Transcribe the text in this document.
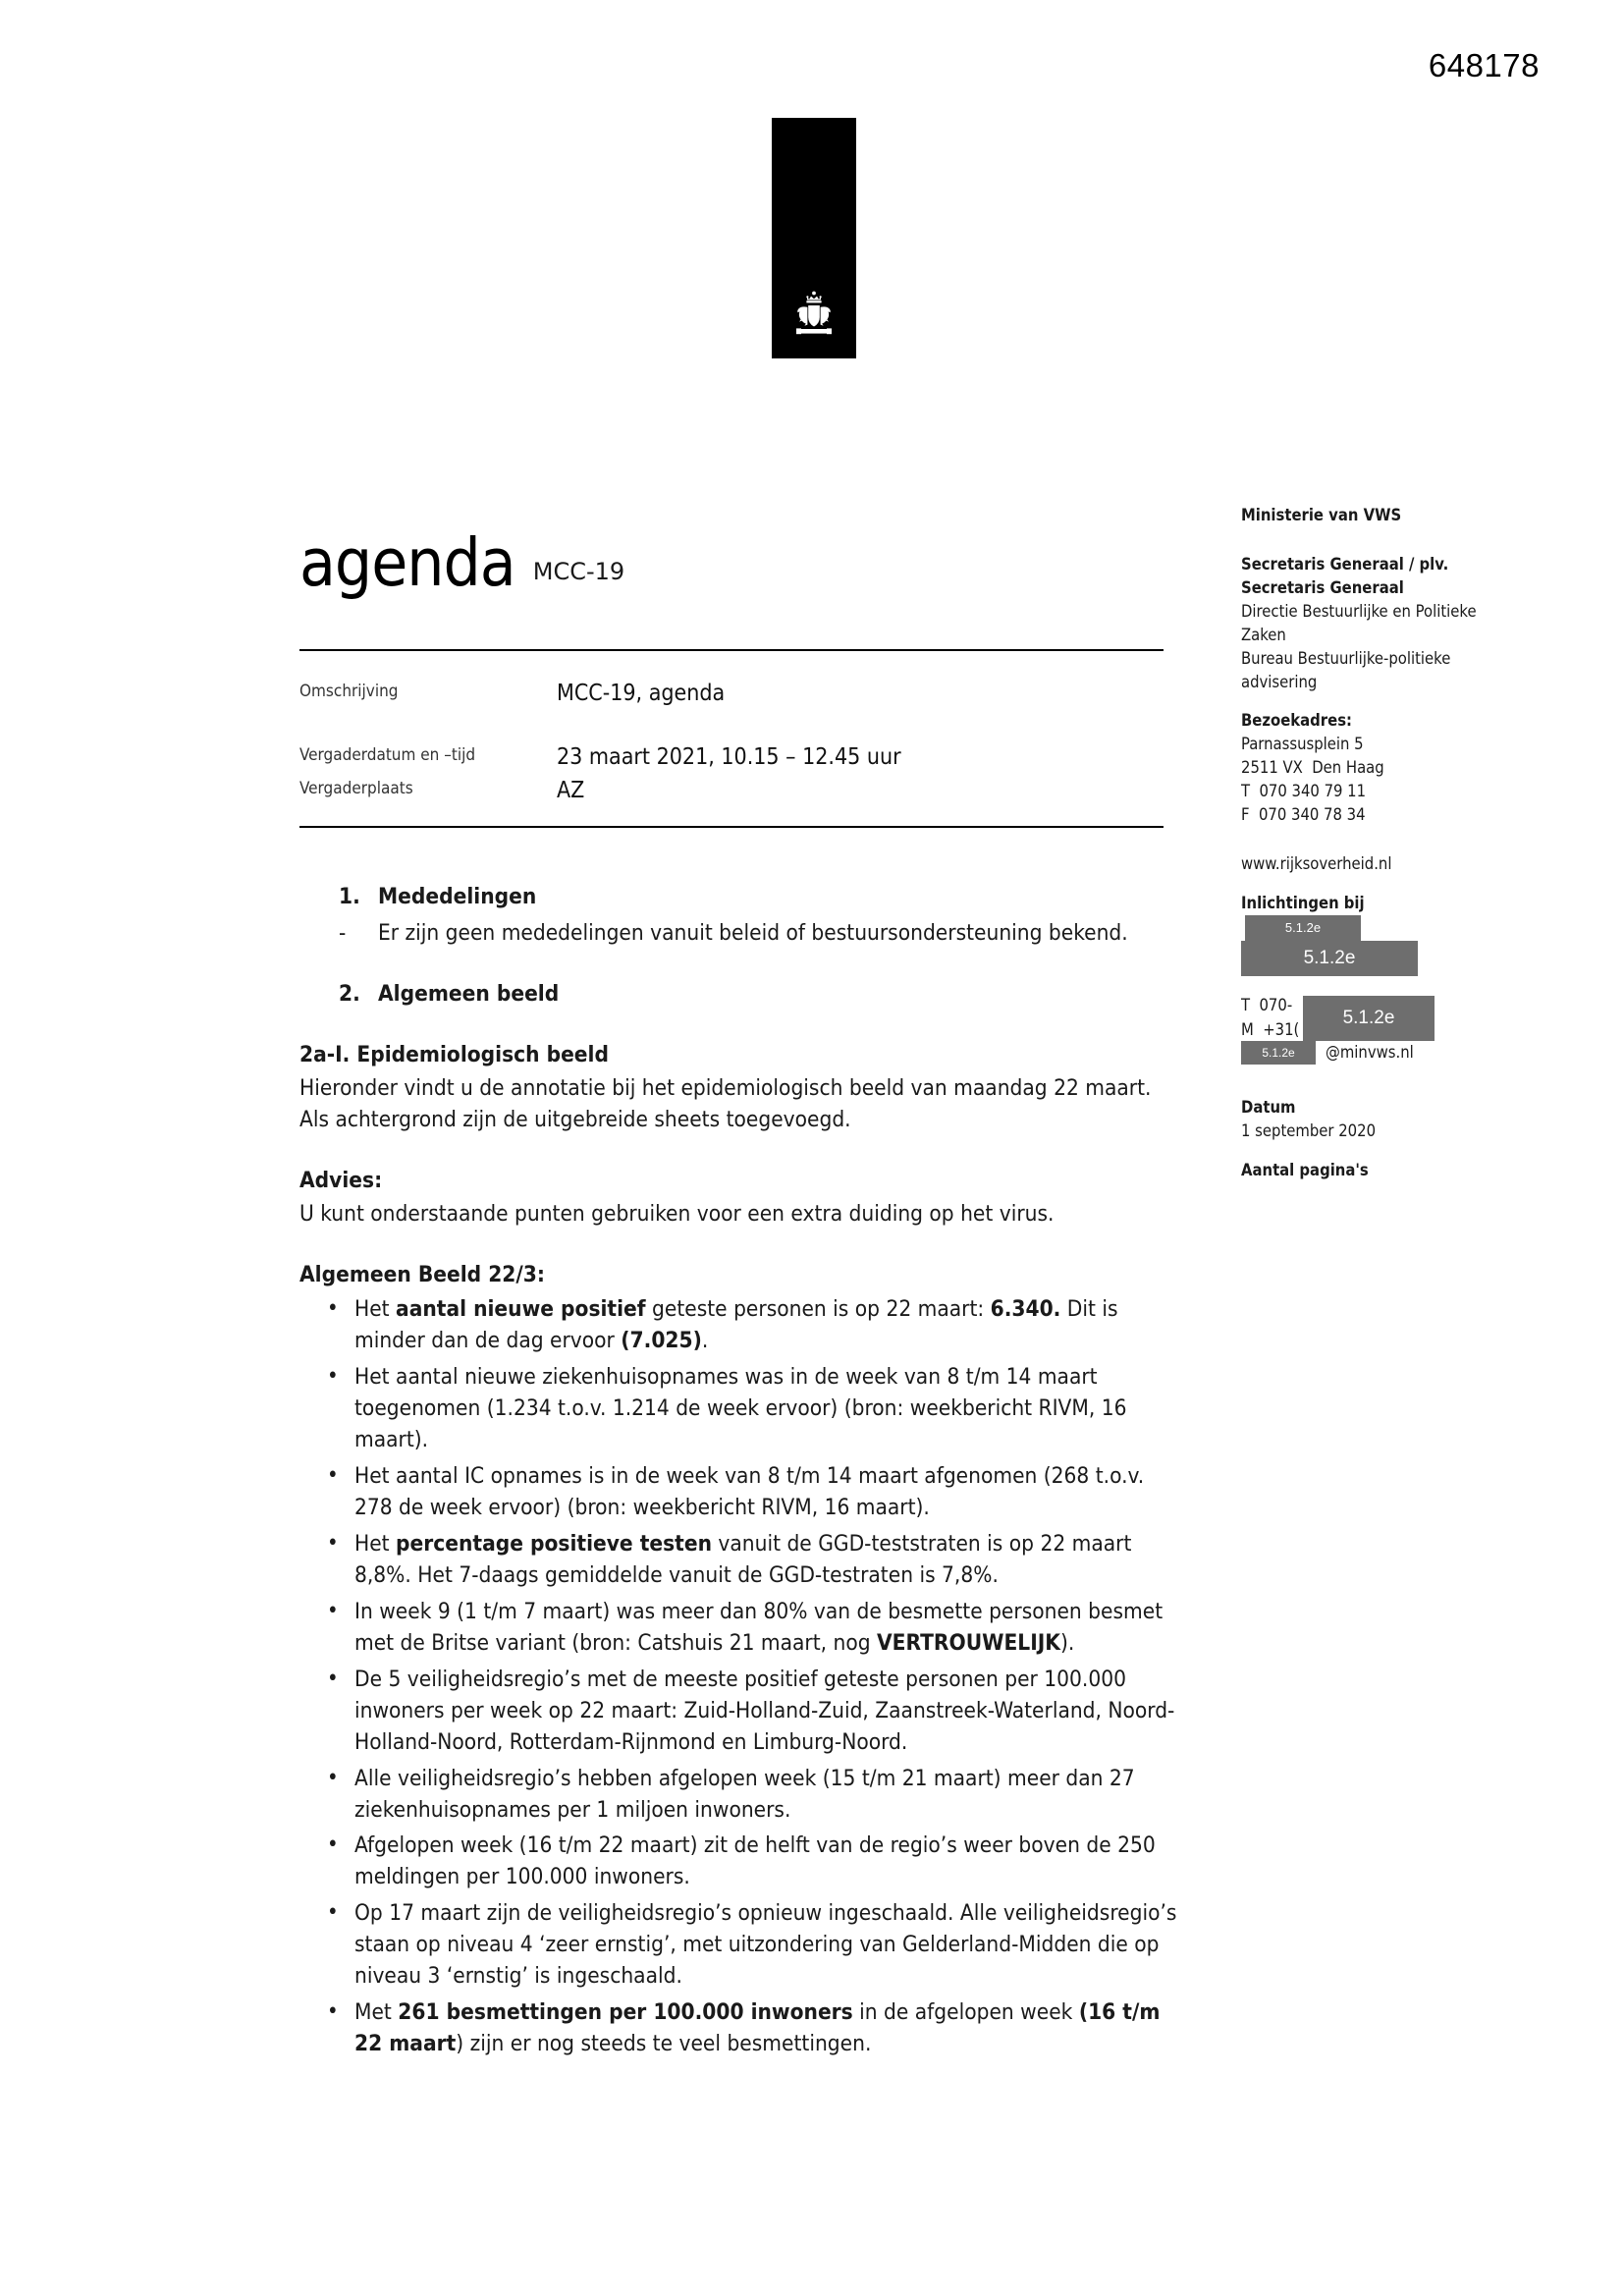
648178
agenda MCC-19
Omschrijving	MCC-19, agenda
Vergaderdatum en –tijd	23 maart 2021, 10.15 – 12.45 uur
Vergaderplaats	AZ
Ministerie van VWS
Secretaris Generaal / plv.
Secretaris Generaal
Directie Bestuurlijke en Politieke
Zaken
Bureau Bestuurlijke-politieke
advisering
Bezoekadres:
Parnassusplein 5
2511 VX  Den Haag
T  070 340 79 11
F  070 340 78 34
www.rijksoverheid.nl
Inlichtingen bij
5.1.2e
5.1.2e
T  070-
M  +31(
5.1.2e
5.1.2e	@minvws.nl
Datum
1 september 2020
Aantal pagina's
1. Mededelingen
-	Er zijn geen mededelingen vanuit beleid of bestuursondersteuning bekend.
2. Algemeen beeld
2a-I. Epidemiologisch beeld
Hieronder vindt u de annotatie bij het epidemiologisch beeld van maandag 22 maart. Als achtergrond zijn de uitgebreide sheets toegevoegd.
Advies:
U kunt onderstaande punten gebruiken voor een extra duiding op het virus.
Algemeen Beeld 22/3:
• Het aantal nieuwe positief geteste personen is op 22 maart: 6.340. Dit is minder dan de dag ervoor (7.025).
• Het aantal nieuwe ziekenhuisopnames was in de week van 8 t/m 14 maart toegenomen (1.234 t.o.v. 1.214 de week ervoor) (bron: weekbericht RIVM, 16 maart).
• Het aantal IC opnames is in de week van 8 t/m 14 maart afgenomen (268 t.o.v. 278 de week ervoor) (bron: weekbericht RIVM, 16 maart).
• Het percentage positieve testen vanuit de GGD-teststraten is op 22 maart 8,8%. Het 7-daags gemiddelde vanuit de GGD-testraten is 7,8%.
• In week 9 (1 t/m 7 maart) was meer dan 80% van de besmette personen besmet met de Britse variant (bron: Catshuis 21 maart, nog VERTROUWELIJK).
• De 5 veiligheidsregio’s met de meeste positief geteste personen per 100.000 inwoners per week op 22 maart: Zuid-Holland-Zuid, Zaanstreek-Waterland, Noord-Holland-Noord, Rotterdam-Rijnmond en Limburg-Noord.
• Alle veiligheidsregio’s hebben afgelopen week (15 t/m 21 maart) meer dan 27 ziekenhuisopnames per 1 miljoen inwoners.
• Afgelopen week (16 t/m 22 maart) zit de helft van de regio’s weer boven de 250 meldingen per 100.000 inwoners.
• Op 17 maart zijn de veiligheidsregio’s opnieuw ingeschaald. Alle veiligheidsregio’s staan op niveau 4 ‘zeer ernstig’, met uitzondering van Gelderland-Midden die op niveau 3 ‘ernstig’ is ingeschaald.
• Met 261 besmettingen per 100.000 inwoners in de afgelopen week (16 t/m 22 maart) zijn er nog steeds te veel besmettingen.
